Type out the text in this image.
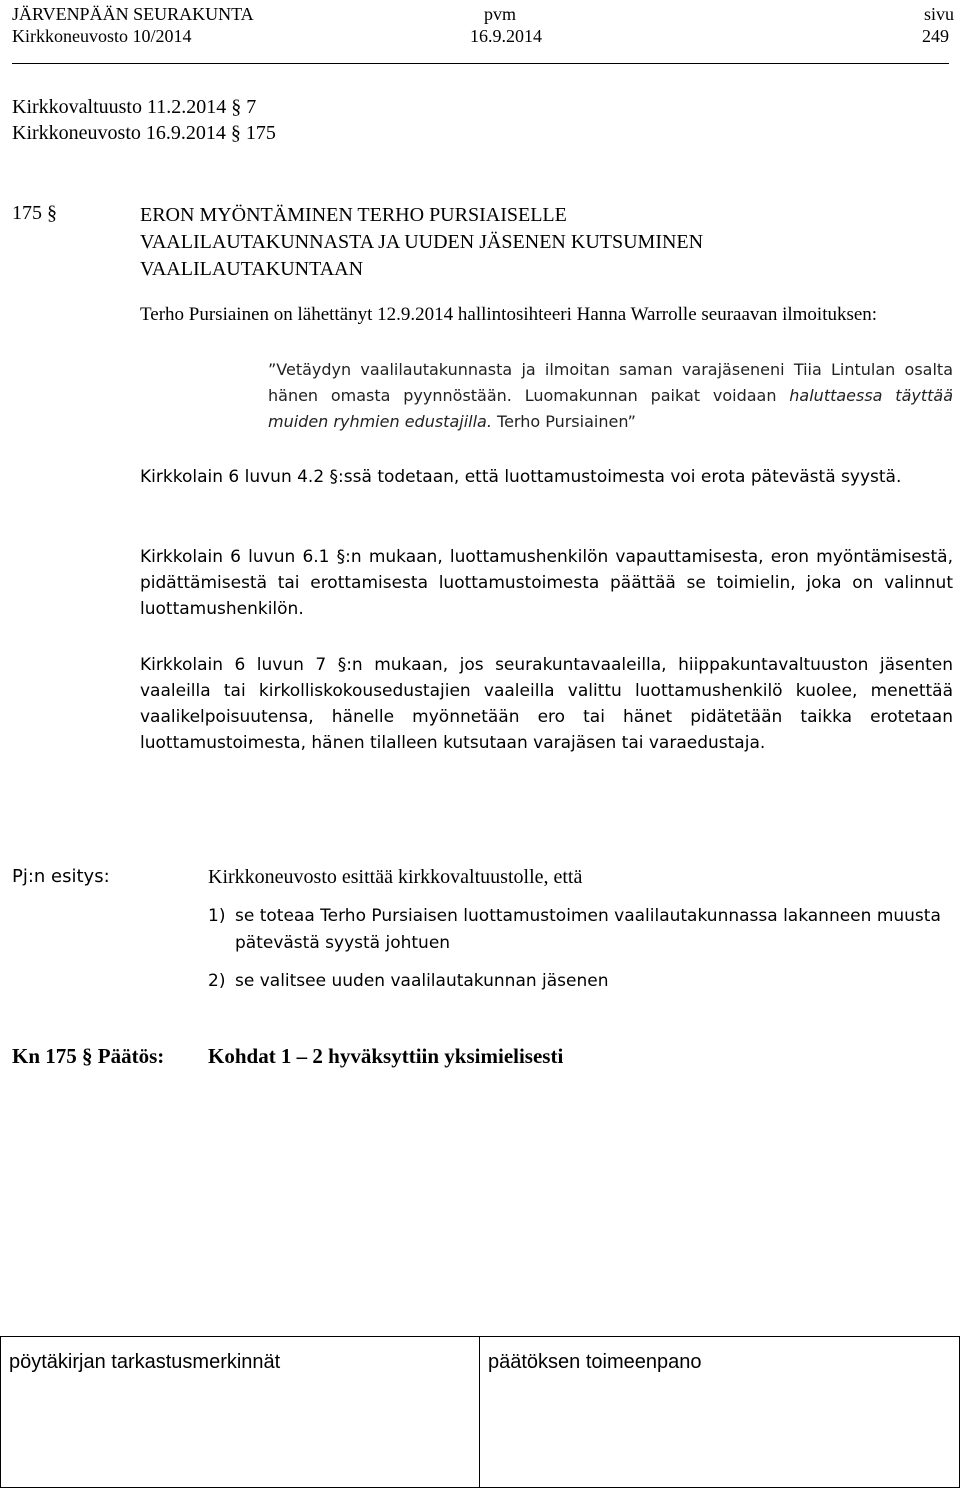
JÄRVENPÄÄN SEURAKUNTA
Kirkkoneuvosto 10/2014
pvm
16.9.2014
sivu
249
Kirkkovaltuusto 11.2.2014 § 7
Kirkkoneuvosto 16.9.2014 § 175
175 §	ERON MYÖNTÄMINEN TERHO PURSIAISELLE
VAALILAUTAKUNNASTA JA UUDEN JÄSENEN KUTSUMINEN
VAALILAUTAKUNTAAN
Terho Pursiainen on lähettänyt 12.9.2014 hallintosihteeri Hanna Warrolle seuraavan ilmoituksen:
”Vetäydyn vaalilautakunnasta ja ilmoitan saman varajäseneni Tiia Lintulan osalta hänen omasta pyynnöstään. Luomakunnan paikat voidaan haluttaessa täyttää muiden ryhmien edustajilla. Terho Pursiainen”
Kirkkolain 6 luvun 4.2 §:ssä todetaan, että luottamustoimesta voi erota pätevästä syystä.
Kirkkolain 6 luvun 6.1 §:n mukaan, luottamushenkilön vapauttamisesta, eron myöntämisestä, pidättämisestä tai erottamisesta luottamustoimesta päättää se toimielin, joka on valinnut luottamushenkilön.
Kirkkolain 6 luvun 7 §:n mukaan, jos seurakuntavaaleilla, hiippakuntavaltuuston jäsenten vaaleilla tai kirkolliskokousedustajien vaaleilla valittu luottamushenkilö kuolee, menettää vaalikelpoisuutensa, hänelle myönnetään ero tai hänet pidätetään taikka erotetaan luottamustoimesta, hänen tilalleen kutsutaan varajäsen tai varaedustaja.
Pj:n esitys:	Kirkkoneuvosto esittää kirkkovaltuustolle, että
1) se toteaa Terho Pursiaisen luottamustoimen vaalilautakunnassa lakanneen muusta pätevästä syystä johtuen
2) se valitsee uuden vaalilautakunnan jäsenen
Kn 175 § Päätös: Kohdat 1 – 2 hyväksyttiin yksimielisesti
pöytäkirjan tarkastusmerkinnät	päätöksen toimeenpano
